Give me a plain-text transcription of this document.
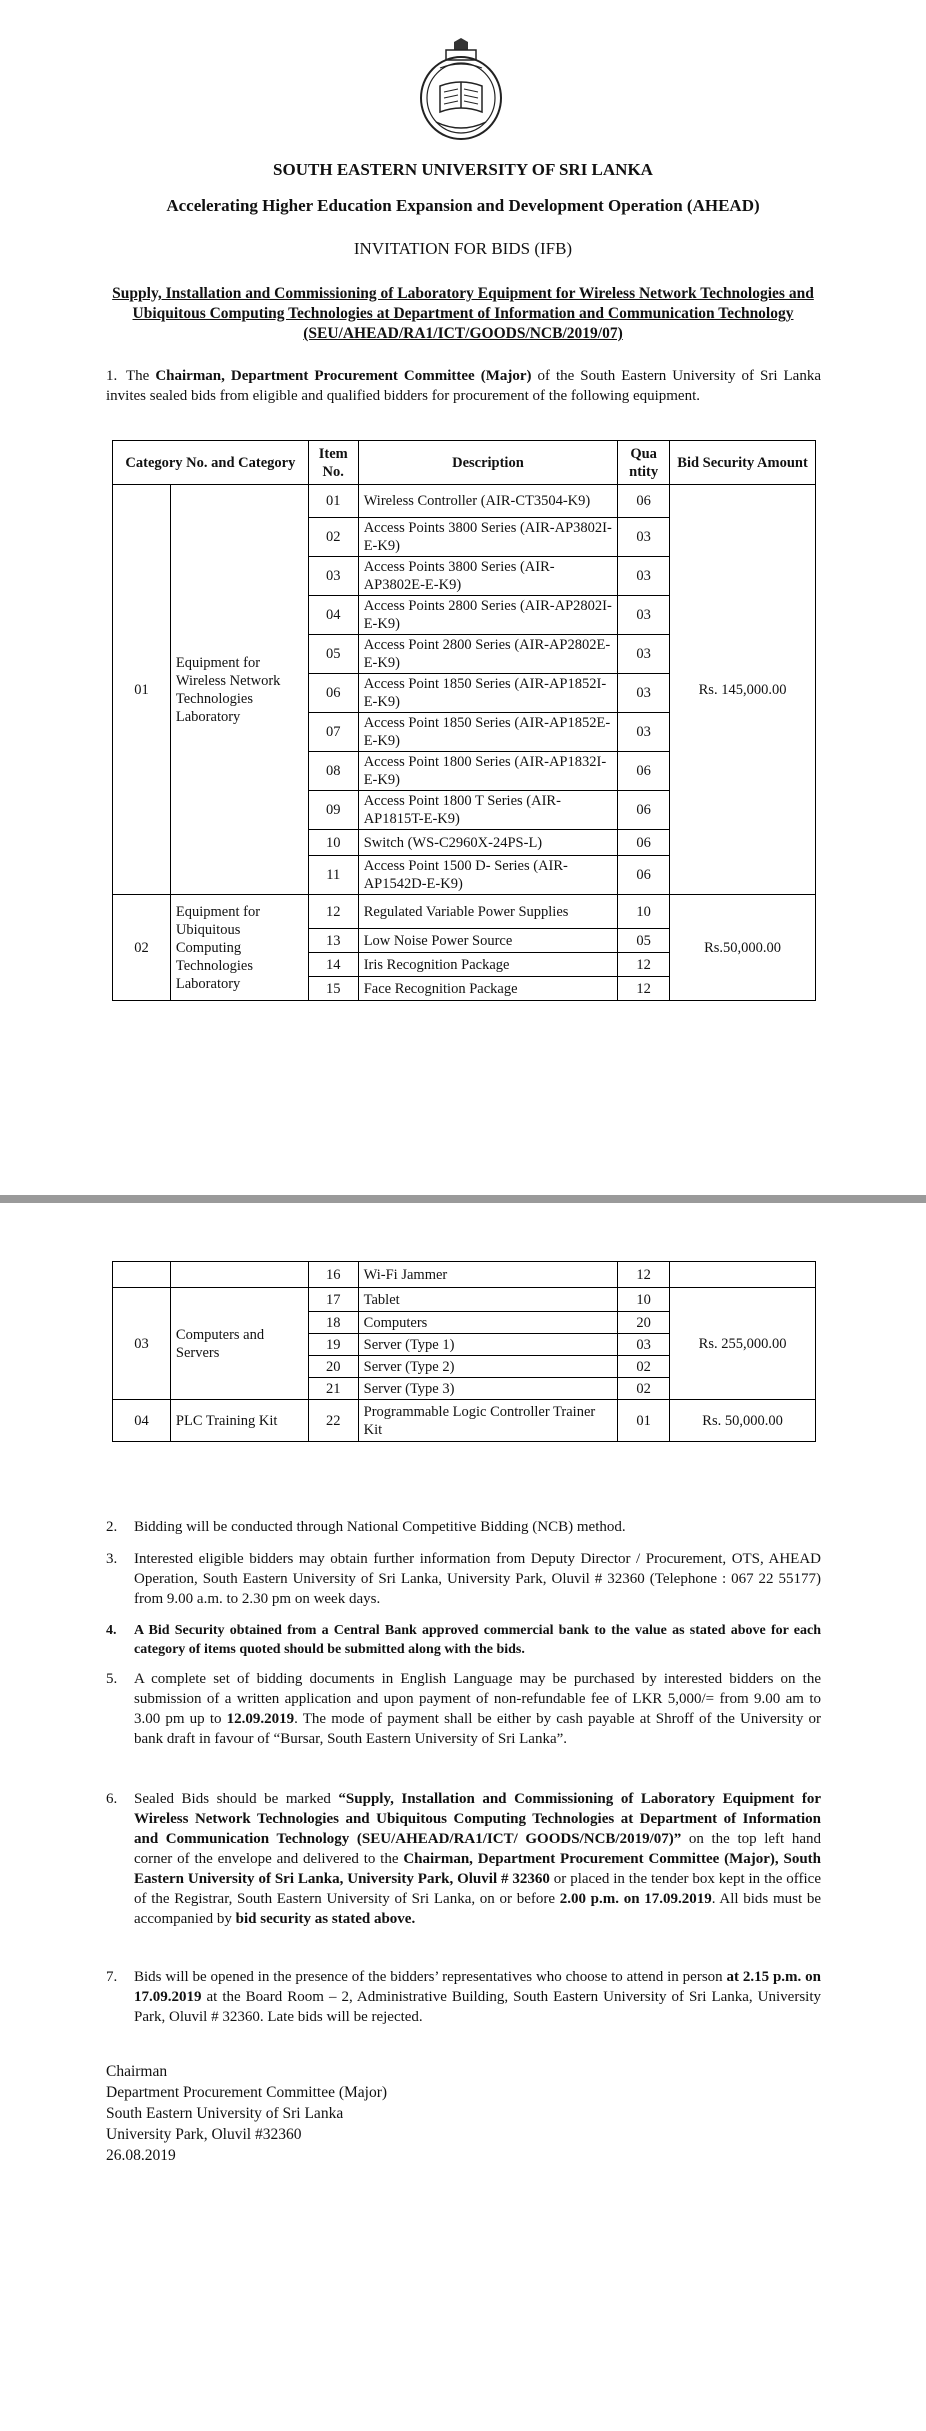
SOUTH EASTERN UNIVERSITY OF SRI LANKA
Accelerating Higher Education Expansion and Development Operation (AHEAD)
INVITATION FOR BIDS (IFB)
Supply, Installation and Commissioning of Laboratory Equipment for Wireless Network Technologies and Ubiquitous Computing Technologies at Department of Information and Communication Technology (SEU/AHEAD/RA1/ICT/GOODS/NCB/2019/07)
1. The Chairman, Department Procurement Committee (Major) of the South Eastern University of Sri Lanka invites sealed bids from eligible and qualified bidders for procurement of the following equipment.
Category No. and Category		Item No.	Description	Qua ntity	Bid Security Amount
01	Equipment for Wireless Network Technologies Laboratory	01	Wireless Controller (AIR-CT3504-K9)	06	Rs. 145,000.00
		02	Access Points 3800 Series (AIR-AP3802I-E-K9)	03	
		03	Access Points 3800 Series (AIR-AP3802E-E-K9)	03	
		04	Access Points 2800 Series (AIR-AP2802I-E-K9)	03	
		05	Access Point 2800 Series (AIR-AP2802E-E-K9)	03	
		06	Access Point 1850 Series (AIR-AP1852I-E-K9)	03	
		07	Access Point 1850 Series (AIR-AP1852E-E-K9)	03	
		08	Access Point 1800 Series (AIR-AP1832I-E-K9)	06	
		09	Access Point 1800 T Series (AIR-AP1815T-E-K9)	06	
		10	Switch (WS-C2960X-24PS-L)	06	
		11	Access Point 1500 D- Series (AIR-AP1542D-E-K9)	06	
02	Equipment for Ubiquitous Computing Technologies Laboratory	12	Regulated Variable Power Supplies	10	Rs.50,000.00
		13	Low Noise Power Source	05	
		14	Iris Recognition Package	12	
		15	Face Recognition Package	12	
		16	Wi-Fi Jammer	12	
03	Computers and Servers	17	Tablet	10	Rs. 255,000.00
		18	Computers	20	
		19	Server (Type 1)	03	
		20	Server (Type 2)	02	
		21	Server (Type 3)	02	
04	PLC Training Kit	22	Programmable Logic Controller Trainer Kit	01	Rs. 50,000.00
2. Bidding will be conducted through National Competitive Bidding (NCB) method.
3. Interested eligible bidders may obtain further information from Deputy Director / Procurement, OTS, AHEAD Operation, South Eastern University of Sri Lanka, University Park, Oluvil # 32360 (Telephone : 067 22 55177) from 9.00 a.m. to 2.30 pm on week days.
4. A Bid Security obtained from a Central Bank approved commercial bank to the value as stated above for each category of items quoted should be submitted along with the bids.
5. A complete set of bidding documents in English Language may be purchased by interested bidders on the submission of a written application and upon payment of non-refundable fee of LKR 5,000/= from 9.00 am to 3.00 pm up to 12.09.2019. The mode of payment shall be either by cash payable at Shroff of the University or bank draft in favour of “Bursar, South Eastern University of Sri Lanka”.
6. Sealed Bids should be marked “Supply, Installation and Commissioning of Laboratory Equipment for Wireless Network Technologies and Ubiquitous Computing Technologies at Department of Information and Communication Technology (SEU/AHEAD/RA1/ICT/ GOODS/NCB/2019/07)” on the top left hand corner of the envelope and delivered to the Chairman, Department Procurement Committee (Major), South Eastern University of Sri Lanka, University Park, Oluvil # 32360 or placed in the tender box kept in the office of the Registrar, South Eastern University of Sri Lanka, on or before 2.00 p.m. on 17.09.2019. All bids must be accompanied by bid security as stated above.
7. Bids will be opened in the presence of the bidders’ representatives who choose to attend in person at 2.15 p.m. on 17.09.2019 at the Board Room – 2, Administrative Building, South Eastern University of Sri Lanka, University Park, Oluvil # 32360. Late bids will be rejected.
Chairman
Department Procurement Committee (Major)
South Eastern University of Sri Lanka
University Park, Oluvil #32360
26.08.2019
